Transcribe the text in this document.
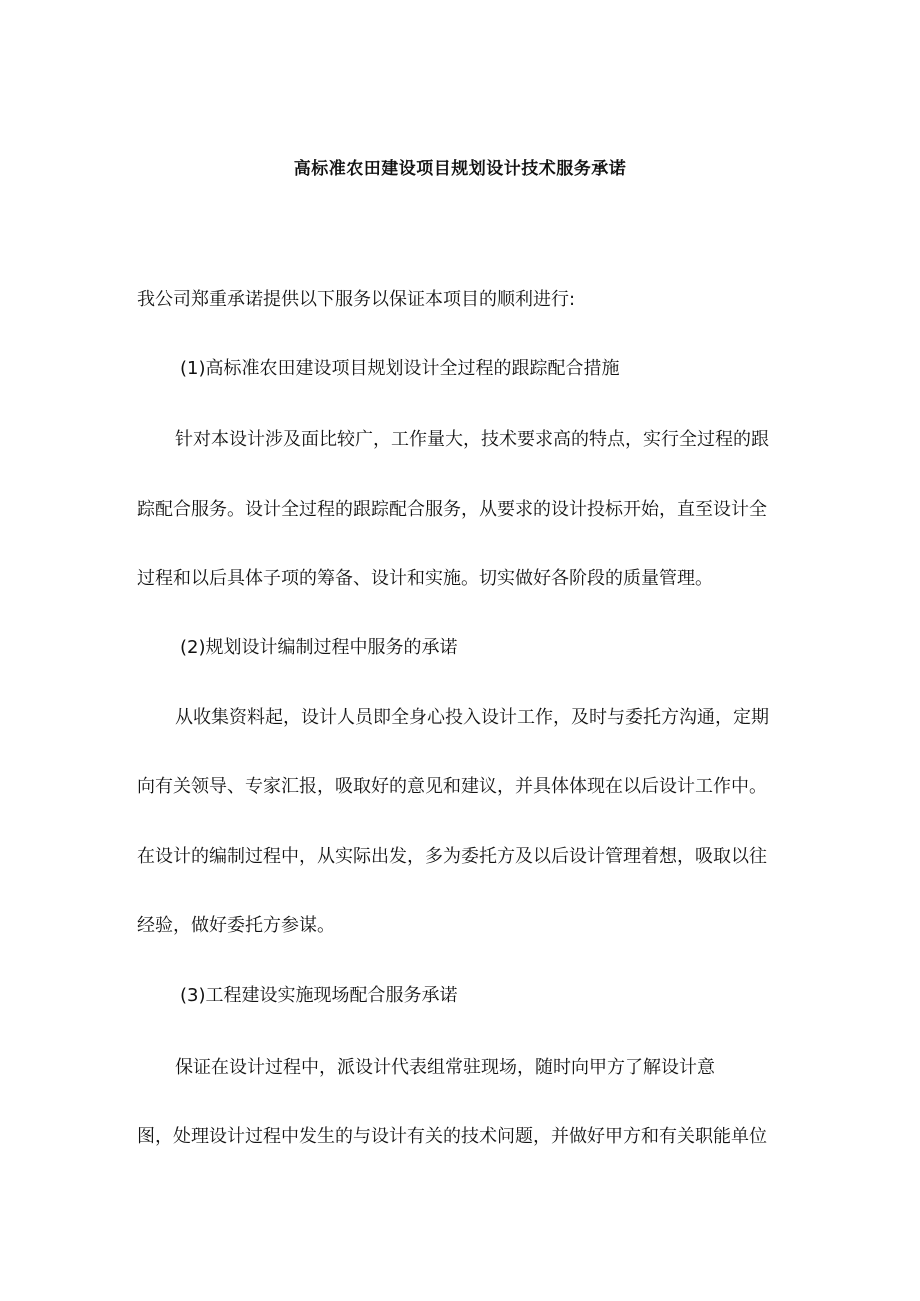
高标准农田建设项目规划设计技术服务承诺
我公司郑重承诺提供以下服务以保证本项目的顺利进行:
(1)高标准农田建设项目规划设计全过程的跟踪配合措施
针对本设计涉及面比较广，工作量大，技术要求高的特点，实行全过程的跟
踪配合服务。设计全过程的跟踪配合服务，从要求的设计投标开始，直至设计全
过程和以后具体子项的筹备、设计和实施。切实做好各阶段的质量管理。
(2)规划设计编制过程中服务的承诺
从收集资料起，设计人员即全身心投入设计工作，及时与委托方沟通，定期
向有关领导、专家汇报，吸取好的意见和建议，并具体体现在以后设计工作中。
在设计的编制过程中，从实际出发，多为委托方及以后设计管理着想，吸取以往
经验，做好委托方参谋。
(3)工程建设实施现场配合服务承诺
保证在设计过程中，派设计代表组常驻现场，随时向甲方了解设计意
图，处理设计过程中发生的与设计有关的技术问题，并做好甲方和有关职能单位
